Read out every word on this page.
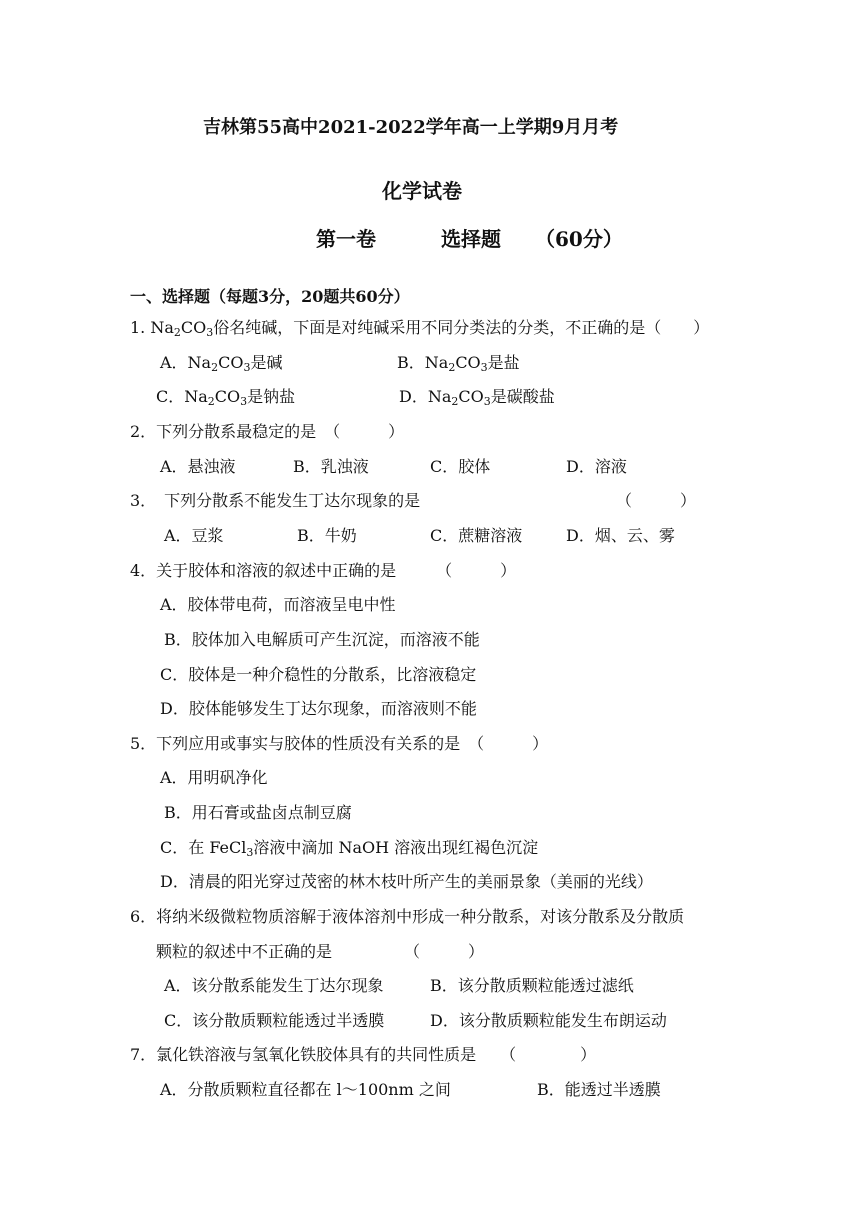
吉林第55高中2021-2022学年高一上学期9月月考
化学试卷
第一卷	选择题 （60分）
一、选择题（每题3分，20题共60分）
1. $Na_2CO_3$俗名纯碱，下面是对纯碱采用不同分类法的分类，不正确的是（　　）
A．$Na_2CO_3$是碱	B．$Na_2CO_3$是盐
C．$Na_2CO_3$是钠盐	D．$Na_2CO_3$是碳酸盐
2．下列分散系最稳定的是　（　　　）
A．悬浊液	B．乳浊液	C．胶体	D．溶液
3．　下列分散系不能发生丁达尔现象的是	（　　　）
A．豆浆	B．牛奶	C．蔗糖溶液	D．烟、云、雾
4．关于胶体和溶液的叙述中正确的是　　　（　　　）
A．胶体带电荷，而溶液呈电中性
B．胶体加入电解质可产生沉淀，而溶液不能
C．胶体是一种介稳性的分散系，比溶液稳定
D．胶体能够发生丁达尔现象，而溶液则不能
5．下列应用或事实与胶体的性质没有关系的是　（　　　）
A．用明矾净化
B．用石膏或盐卤点制豆腐
C．在 FeCl$_3$溶液中滴加 NaOH 溶液出现红褐色沉淀
D．清晨的阳光穿过茂密的林木枝叶所产生的美丽景象（美丽的光线）
6．将纳米级微粒物质溶解于液体溶剂中形成一种分散系，对该分散系及分散质
颗粒的叙述中不正确的是　　　　　（　　　）
A．该分散系能发生丁达尔现象	B．该分散质颗粒能透过滤纸
C．该分散质颗粒能透过半透膜	D．该分散质颗粒能发生布朗运动
7．氯化铁溶液与氢氧化铁胶体具有的共同性质是　　（　　　　）
A．分散质颗粒直径都在 l～100nm 之间	B．能透过半透膜
